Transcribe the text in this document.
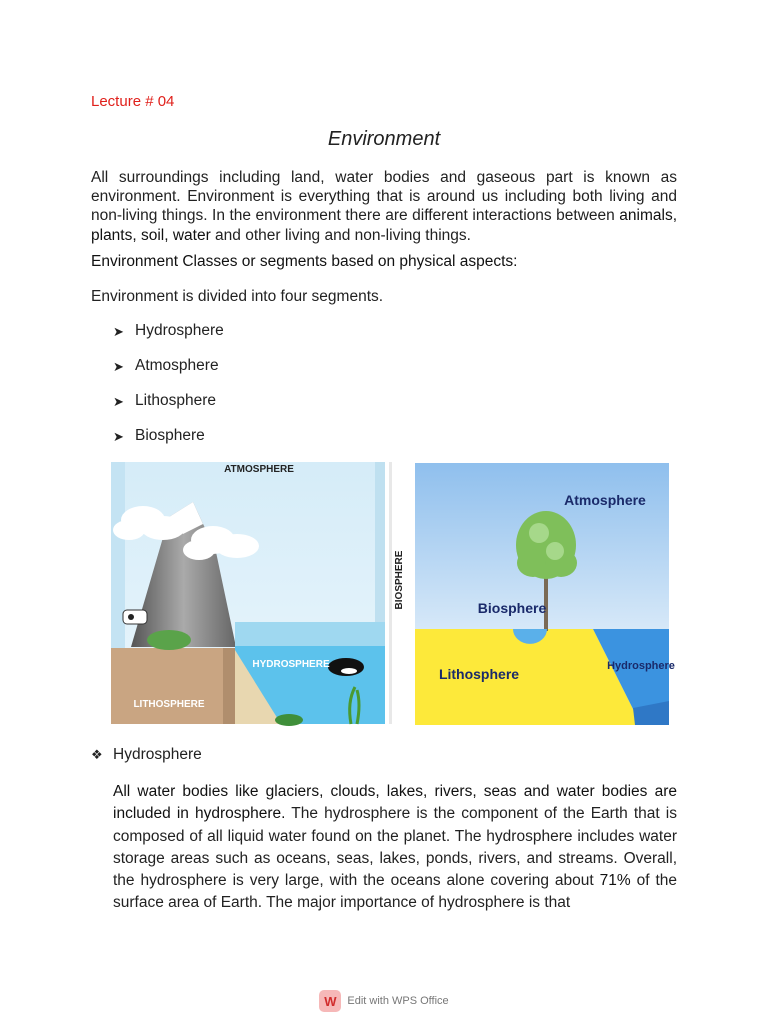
Lecture # 04
Environment
All surroundings including land, water bodies and gaseous part is known as environment. Environment is everything that is around us including both living and non-living things. In the environment there are different interactions between animals, plants, soil, water and other living and non-living things.
Environment Classes or segments based on physical aspects:
Environment is divided into four segments.
➤ Hydrosphere
➤ Atmosphere
➤ Lithosphere
➤ Biosphere
ATMOSPHERE
HYDROSPHERE
LITHOSPHERE
BIOSPHERE
Atmosphere
Biosphere
Lithosphere	Hydrosphere
❖ Hydrosphere
All water bodies like glaciers, clouds, lakes, rivers, seas and water bodies are included in hydrosphere. The hydrosphere is the component of the Earth that is composed of all liquid water found on the planet. The hydrosphere includes water storage areas such as oceans, seas, lakes, ponds, rivers, and streams. Overall, the hydrosphere is very large, with the oceans alone covering about 71% of the surface area of Earth. The major importance of hydrosphere is that
W Edit with WPS Office
